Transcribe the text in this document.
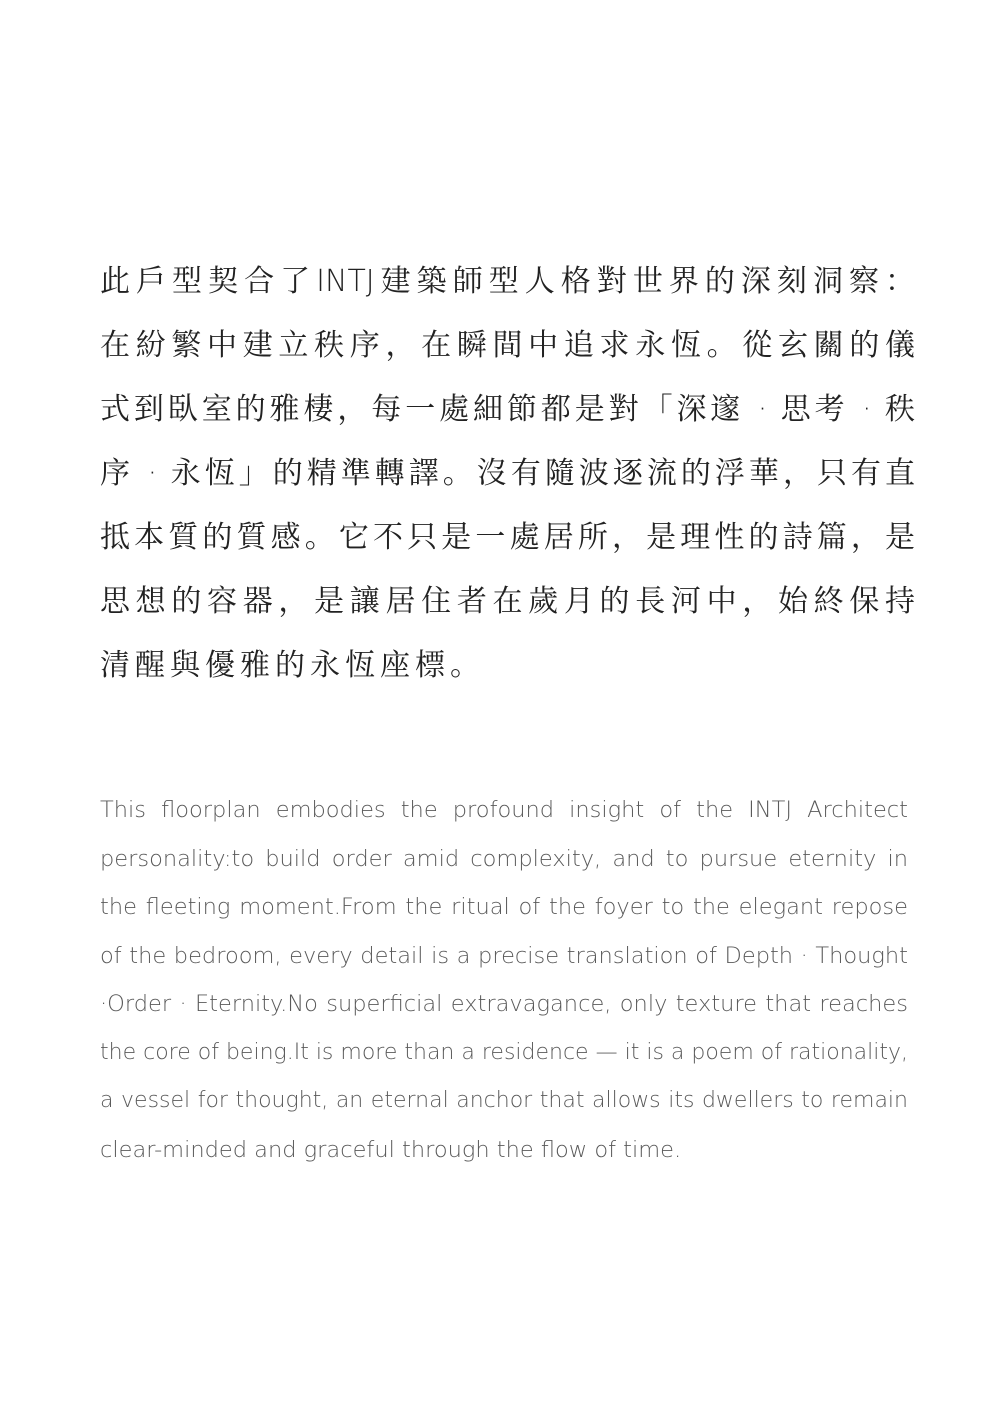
此戶型契合了INTJ建築師型人格對世界的深刻洞察：
在紛繁中建立秩序，在瞬間中追求永恆。從玄關的儀
式到臥室的雅棲，每一處細節都是對「深邃 · 思考 · 秩
序 · 永恆」的精準轉譯。沒有隨波逐流的浮華，只有直
抵本質的質感。它不只是一處居所，是理性的詩篇，是
思想的容器，是讓居住者在歲月的長河中，始終保持
清醒與優雅的永恆座標。
This floorplan embodies the profound insight of the INTJ Architect
personality:to build order amid complexity, and to pursue eternity in
the fleeting moment.From the ritual of the foyer to the elegant repose
of the bedroom, every detail is a precise translation of Depth · Thought
·Order · Eternity.No superficial extravagance, only texture that reaches
the core of being.It is more than a residence — it is a poem of rationality,
a vessel for thought, an eternal anchor that allows its dwellers to remain
clear-minded and graceful through the flow of time.
